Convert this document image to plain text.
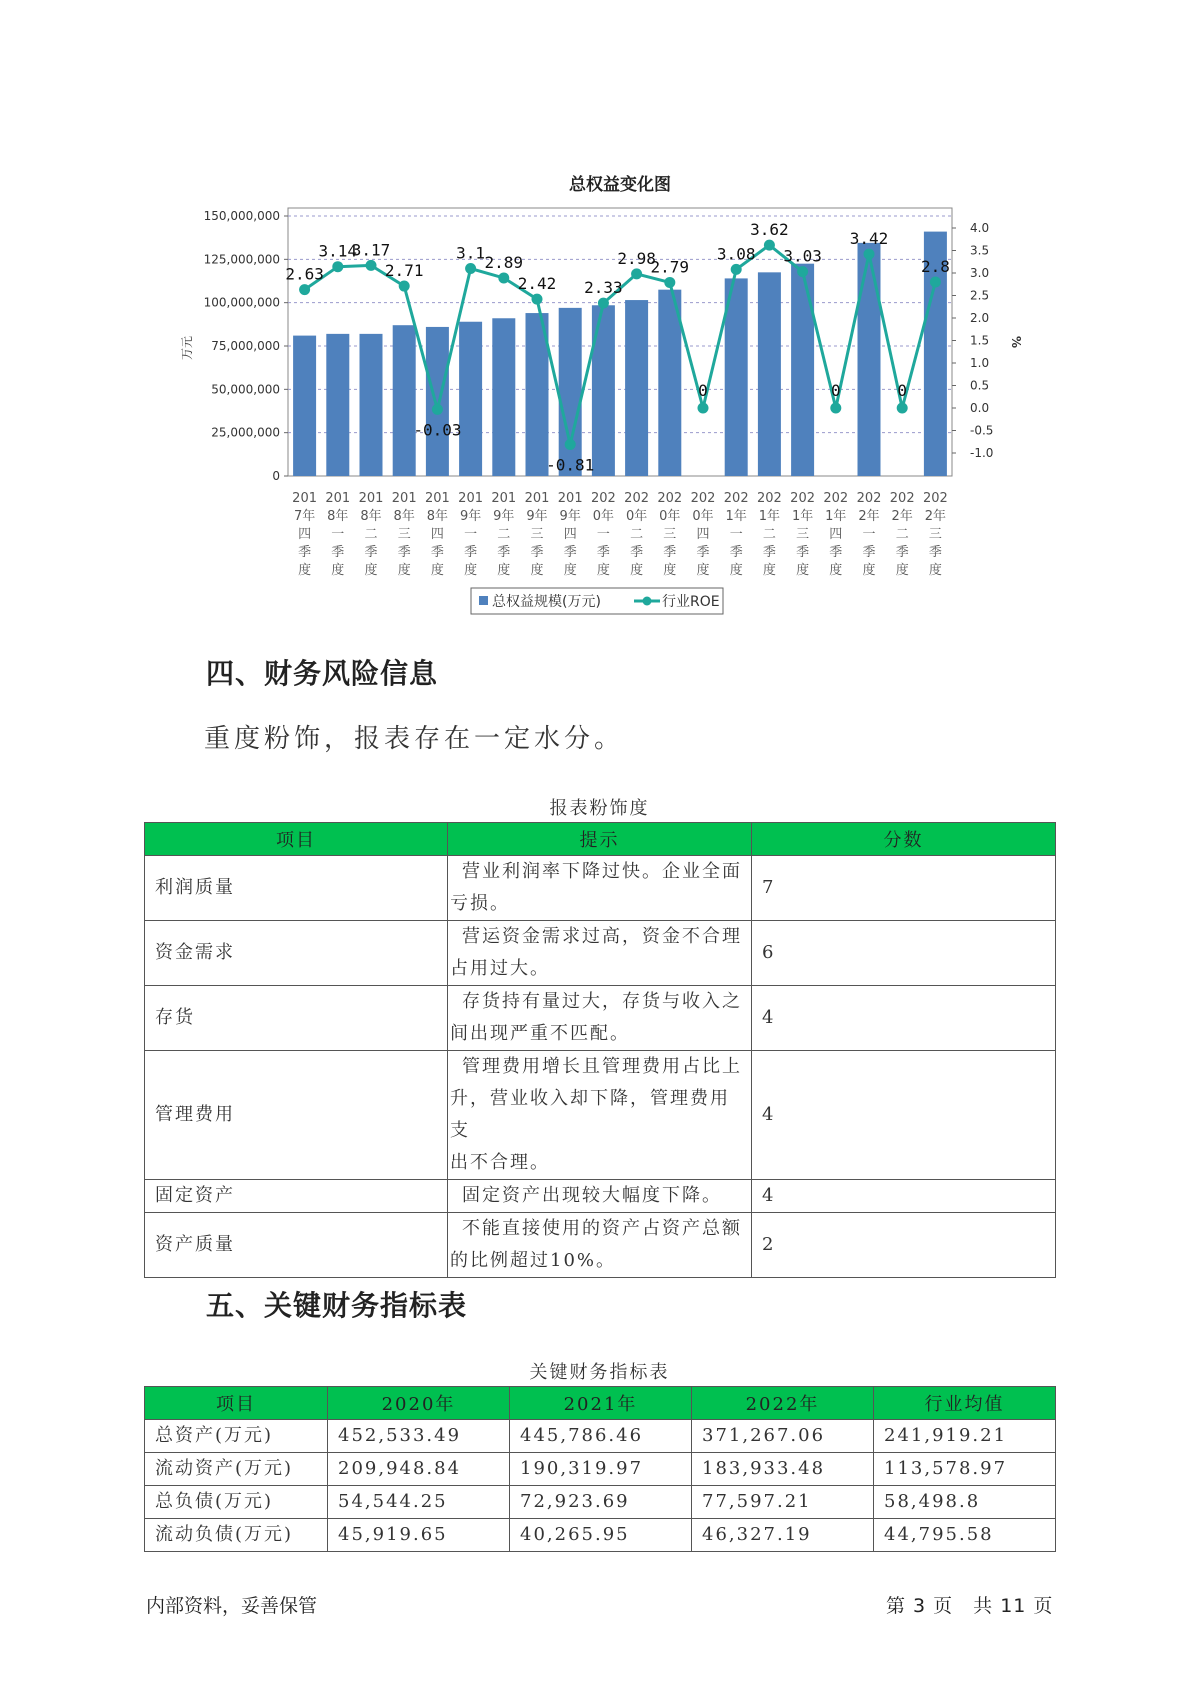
总权益变化图
0
25,000,000
50,000,000
75,000,000
100,000,000
125,000,000
150,000,000
4.0
3.5
3.0
2.5
2.0
1.5
1.0
0.5
0.0
-0.5
-1.0
万元	%
2.63
3.14
3.17
2.71
-0.03
3.1 2.89
2.42
-0.81
2.33
2.98
2.79
0
3.08
3.62
3.03
0
3.42
0
2.8
201
7年
四
季
度
201
8年
一
季
度
201
8年
二
季
度
201
8年
三
季
度
201
8年
四
季
度
201
9年
一
季
度
201
9年
二
季
度
201
9年
三
季
度
201
9年
四
季
度
202
0年
一
季
度
202
0年
二
季
度
202
0年
三
季
度
202
0年
四
季
度
202
1年
一
季
度
202
1年
二
季
度
202
1年
三
季
度
202
1年
四
季
度
202
2年
一
季
度
202
2年
二
季
度
202
2年
三
季
度
总权益规模(万元)	行业ROE
四、财务风险信息
重度粉饰，报表存在一定水分。
报表粉饰度
项目	提示	分数
利润质量	营业利润率下降过快。企业全面
亏损。	7
资金需求	营运资金需求过高，资金不合理
占用过大。	6
存货	存货持有量过大，存货与收入之
间出现严重不匹配。	4
管理费用	管理费用增长且管理费用占比上
升，营业收入却下降，管理费用支
出不合理。	4
固定资产	固定资产出现较大幅度下降。	4
资产质量	不能直接使用的资产占资产总额
的比例超过10%。	2
五、关键财务指标表
关键财务指标表
项目	2020年	2021年	2022年	行业均值
总资产(万元)	452,533.49	445,786.46	371,267.06	241,919.21
流动资产(万元)	209,948.84	190,319.97	183,933.48	113,578.97
总负债(万元)	54,544.25	72,923.69	77,597.21	58,498.8
流动负债(万元)	45,919.65	40,265.95	46,327.19	44,795.58
内部资料，妥善保管	第 3 页　共 11 页
